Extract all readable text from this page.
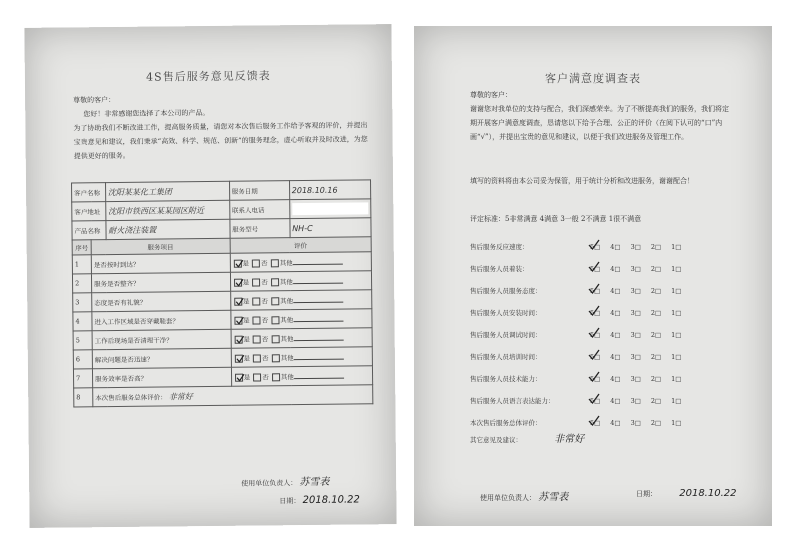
4S售后服务意见反馈表
尊敬的客户：
您好！非常感谢您选择了本公司的产品。
为了协助我们不断改进工作，提高服务质量，请您对本次售后服务工作给予客观的评价，并提出宝贵意见和建议，我们秉承“高效、科学、规范、创新”的服务理念，虚心听取并及时改进，为您提供更好的服务。
客户名称		沈阳某某化工集团	服务日期	2018.10.16
客户地址		沈阳市铁西区某某园区附近	联系人电话	

产品名称		耐火浇注装置	服务型号	NH-C
序号	服务项目		评价	
1	是否按时到达？		是 否 其他	
2	服务是否整齐？		是 否 其他	
3	态度是否有礼貌？		是 否 其他	
4	进入工作区域是否穿戴鞋套？		是 否 其他	
5	工作后现场是否清理干净？		是 否 其他	
6	解决问题是否迅速？		是 否 其他	
7	服务效率是否高？		是 否 其他	
8	本次售后服务总体评价： 非常好			
使用单位负责人： 苏雪表
日期： 2018.10.22
客户满意度调查表
尊敬的客户：
谢谢您对我单位的支持与配合，我们深感荣幸。为了不断提高我们的服务，我们将定期开展客户满意度调查，恳请您以下给予合理、公正的评价（在阅下认可的“口”内画“√”），并提出宝贵的意见和建议，以便于我们改进服务及管理工作。
填写的资料将由本公司妥为保管，用于统计分析和改进服务，谢谢配合！
评定标准：5非常满意 4满意 3一般 2不满意 1很不满意
售后服务反应速度：	5□ 4□ 3□ 2□ 1□
售后服务人员着装：	5□ 4□ 3□ 2□ 1□
售后服务人员服务态度：	5□ 4□ 3□ 2□ 1□
售后服务人员安装时间：	5□ 4□ 3□ 2□ 1□
售后服务人员调试时间：	5□ 4□ 3□ 2□ 1□
售后服务人员培训时间：	5□ 4□ 3□ 2□ 1□
售后服务人员技术能力：	5□ 4□ 3□ 2□ 1□
售后服务人员语言表达能力：	5□ 4□ 3□ 2□ 1□
本次售后服务总体评价：	5□ 4□ 3□ 2□ 1□
其它意见及建议：	非常好
使用单位负责人： 苏雪表	日期： 2018.10.22
